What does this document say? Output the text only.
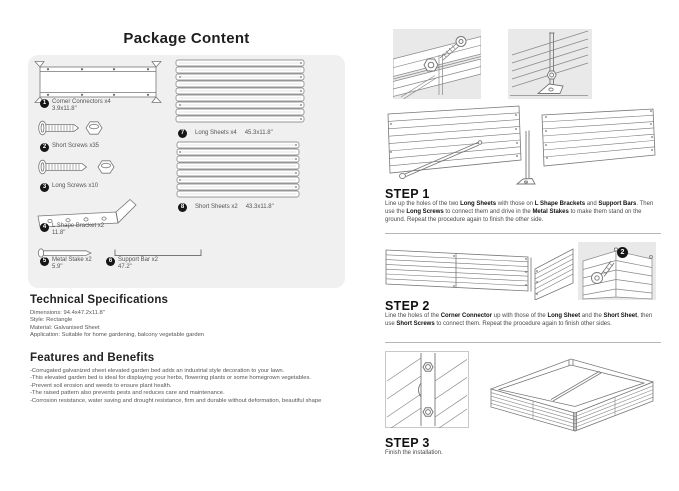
Package Content
1 Corner Connectors x4
3.9x11.8"
2 Short Screws x35
3 Long Screws x10
4 L Shape Bracket x2
11.8"
5 Metal Stake x2
5.9"
6 Support Bar x2
47.2"
7	Long Sheets x4 45.3x11.8"
8	Short Sheets x2 43.3x11.8"
Technical Specifications
Dimensions: 94.4x47.2x11.8"
Style: Rectangle
Material: Galvanised Sheet
Application: Suitable for home gardening, balcony vegetable garden
Features and Benefits
-Corrugated galvanized sheet elevated garden bed adds an industrial style decoration to your lawn.
-This elevated garden bed is ideal for displaying your herbs, flowering plants or some homegrown vegetables.
-Prevent soil erosion and weeds to ensure plant health.
-The raised pattern also prevents pests and reduces care and maintenance.
-Corrosion resistance, water saving and drought resistance, firm and durable without deformation, beautiful shape
STEP 1

Line up the holes of the two Long Sheets with those on L Shape Brackets and Support Bars. Then use the Long Screws to connect them and drive in the Metal Stakes to make them stand on the ground. Repeat the procedure again to finish the other side.

2
STEP 2

Line the holes of the Corner Connector up with those of the Long Sheet and the Short Sheet, then use Short Screws to connect them. Repeat the procedure again to finish other sides.

STEP 3

Finish the installation.
